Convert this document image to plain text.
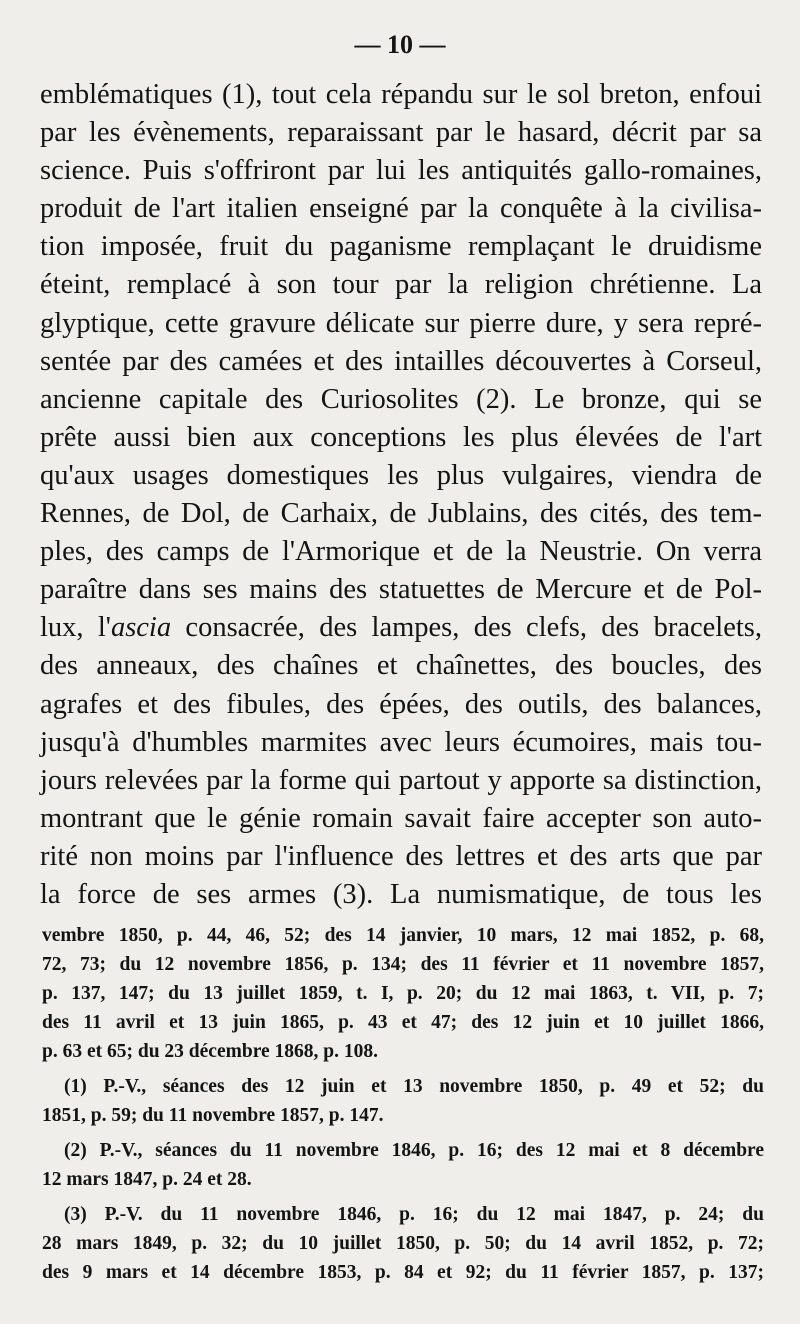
— 10 —
emblématiques (1), tout cela répandu sur le sol breton, enfoui
par les évènements, reparaissant par le hasard, décrit par sa
science. Puis s'offriront par lui les antiquités gallo-romaines,
produit de l'art italien enseigné par la conquête à la civilisa-
tion imposée, fruit du paganisme remplaçant le druidisme
éteint, remplacé à son tour par la religion chrétienne. La
glyptique, cette gravure délicate sur pierre dure, y sera repré-
sentée par des camées et des intailles découvertes à Corseul,
ancienne capitale des Curiosolites (2). Le bronze, qui se
prête aussi bien aux conceptions les plus élevées de l'art
qu'aux usages domestiques les plus vulgaires, viendra de
Rennes, de Dol, de Carhaix, de Jublains, des cités, des tem-
ples, des camps de l'Armorique et de la Neustrie. On verra
paraître dans ses mains des statuettes de Mercure et de Pol-
lux, l'ascia consacrée, des lampes, des clefs, des bracelets,
des anneaux, des chaînes et chaînettes, des boucles, des
agrafes et des fibules, des épées, des outils, des balances,
jusqu'à d'humbles marmites avec leurs écumoires, mais tou-
jours relevées par la forme qui partout y apporte sa distinction,
montrant que le génie romain savait faire accepter son auto-
rité non moins par l'influence des lettres et des arts que par
la force de ses armes (3). La numismatique, de tous les
vembre 1850, p. 44, 46, 52; des 14 janvier, 10 mars, 12 mai 1852, p. 68,
72, 73; du 12 novembre 1856, p. 134; des 11 février et 11 novembre 1857,
p. 137, 147; du 13 juillet 1859, t. I, p. 20; du 12 mai 1863, t. VII, p. 7;
des 11 avril et 13 juin 1865, p. 43 et 47; des 12 juin et 10 juillet 1866,
p. 63 et 65; du 23 décembre 1868, p. 108.
(1) P.-V., séances des 12 juin et 13 novembre 1850, p. 49 et 52; du
1851, p. 59; du 11 novembre 1857, p. 147.
(2) P.-V., séances du 11 novembre 1846, p. 16; des 12 mai et 8 décembre
12 mars 1847, p. 24 et 28.
(3) P.-V. du 11 novembre 1846, p. 16; du 12 mai 1847, p. 24; du
28 mars 1849, p. 32; du 10 juillet 1850, p. 50; du 14 avril 1852, p. 72;
des 9 mars et 14 décembre 1853, p. 84 et 92; du 11 février 1857, p. 137;
